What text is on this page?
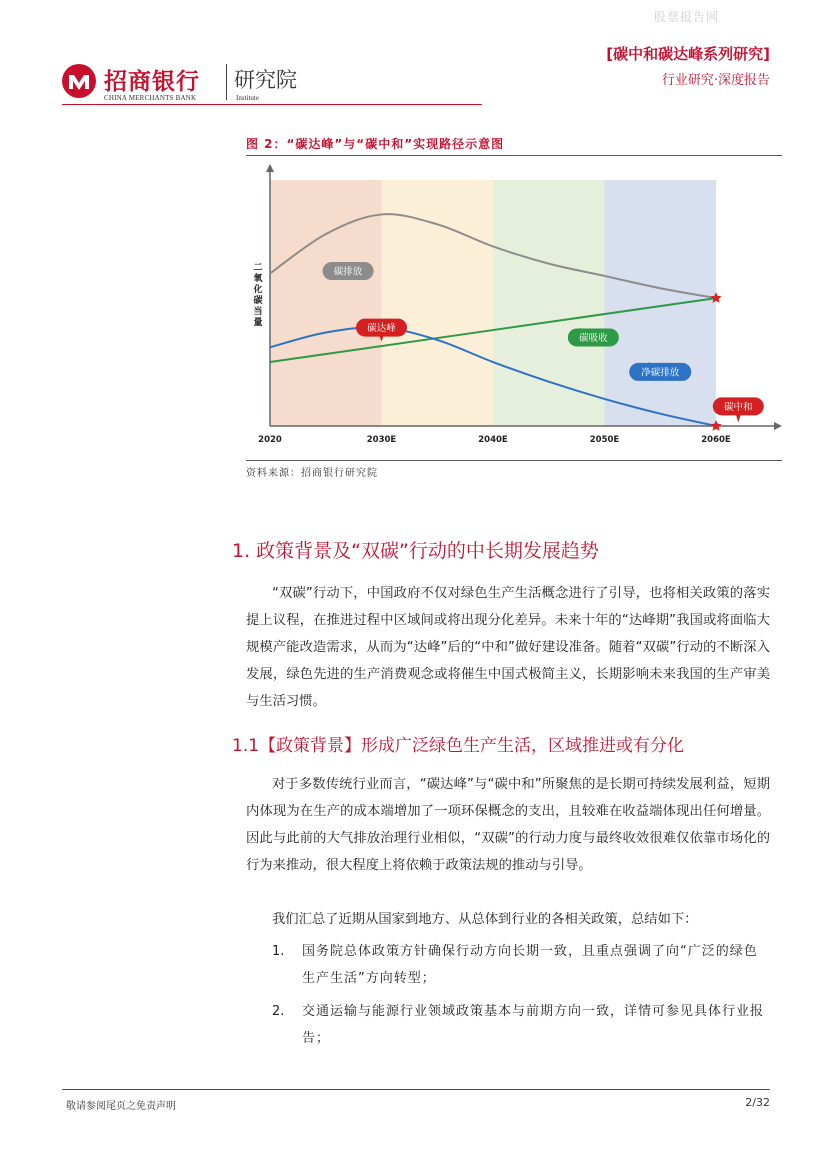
股票报告网
招商银行
CHINA MERCHANTS BANK
研究院
Institute
[碳中和碳达峰系列研究]
行业研究·深度报告
图 2：“碳达峰”与“碳中和”实现路径示意图
二氧化碳当量
2020	2030E	2040E	2050E	2060E
碳排放
碳达峰
碳吸收
净碳排放
碳中和
资料来源：招商银行研究院
1. 政策背景及“双碳”行动的中长期发展趋势
“双碳”行动下，中国政府不仅对绿色生产生活概念进行了引导，也将相关政策的落实提上议程，在推进过程中区域间或将出现分化差异。未来十年的“达峰期”我国或将面临大规模产能改造需求，从而为“达峰”后的“中和”做好建设准备。随着“双碳”行动的不断深入发展，绿色先进的生产消费观念或将催生中国式极简主义，长期影响未来我国的生产审美与生活习惯。
1.1【政策背景】形成广泛绿色生产生活，区域推进或有分化
对于多数传统行业而言，“碳达峰”与“碳中和”所聚焦的是长期可持续发展利益，短期内体现为在生产的成本端增加了一项环保概念的支出，且较难在收益端体现出任何增量。因此与此前的大气排放治理行业相似，“双碳”的行动力度与最终收效很难仅依靠市场化的行为来推动，很大程度上将依赖于政策法规的推动与引导。
我们汇总了近期从国家到地方、从总体到行业的各相关政策，总结如下：
1. 国务院总体政策方针确保行动方向长期一致，且重点强调了向“广泛的绿色生产生活”方向转型；
2. 交通运输与能源行业领域政策基本与前期方向一致，详情可参见具体行业报告；
敬请参阅尾页之免责声明	2/32
